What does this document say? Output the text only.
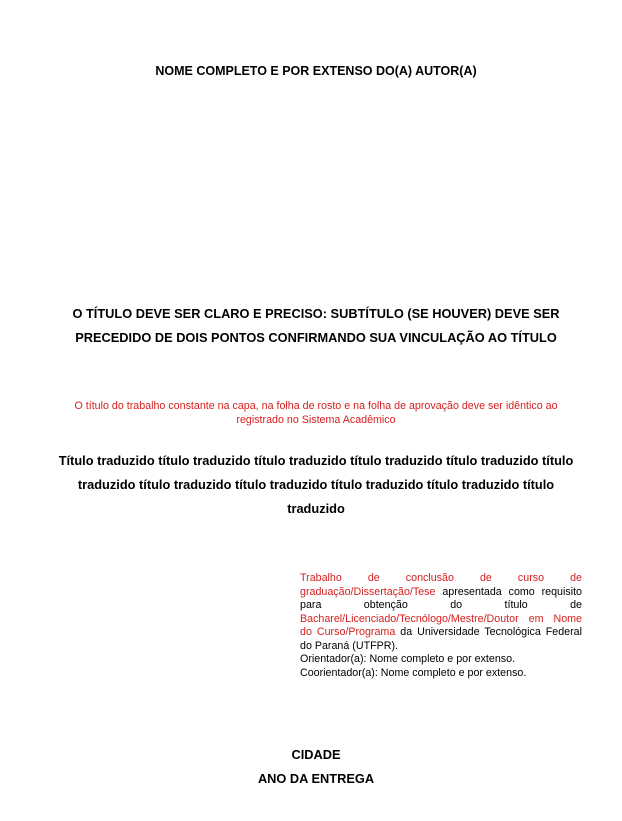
NOME COMPLETO E POR EXTENSO DO(A) AUTOR(A)
O TÍTULO DEVE SER CLARO E PRECISO: SUBTÍTULO (SE HOUVER) DEVE SER PRECEDIDO DE DOIS PONTOS CONFIRMANDO SUA VINCULAÇÃO AO TÍTULO
O título do trabalho constante na capa, na folha de rosto e na folha de aprovação deve ser idêntico ao registrado no Sistema Acadêmico
Título traduzido título traduzido título traduzido título traduzido título traduzido título traduzido título traduzido título traduzido título traduzido título traduzido título traduzido

Trabalho de conclusão de curso de graduação/Dissertação/Tese apresentada como requisito para obtenção do título de Bacharel/Licenciado/Tecnólogo/Mestre/Doutor em Nome do Curso/Programa da Universidade Tecnológica Federal do Paraná (UTFPR).

Orientador(a): Nome completo e por extenso.

Coorientador(a): Nome completo e por extenso.

CIDADE
ANO DA ENTREGA
